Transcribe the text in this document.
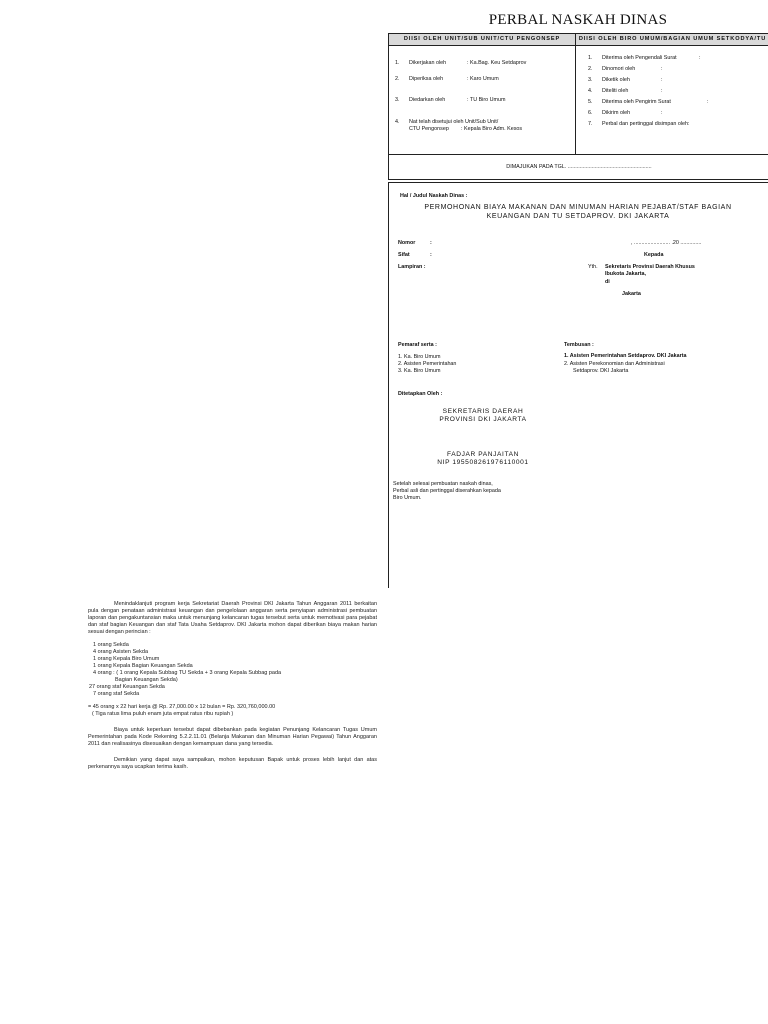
PERBAL NASKAH DINAS
DIISI OLEH UNIT/SUB UNIT/CTU PENGONSEP	DIISI OLEH BIRO UMUM/BAGIAN UMUM SETKODYA/TU
1. Dikerjakan oleh	: Ka.Bag. Keu Setdaprov
2. Diperiksa oleh	: Karo Umum
3. Diedarkan oleh	: TU Biro Umum
4. Nat telah disetujui oleh Unit/Sub Unit/
CTU Pengonsep : Kepala Biro Adm. Kesos
1. Diterima oleh Pengendali Surat	:
2. Dinomori oleh	:
3. Diketik oleh	:
4. Diteliti oleh	:
5. Diterima oleh Pengirim Surat	:
6. Dikirim oleh	:
7. Perbal dan pertinggal disimpan oleh:
DIMAJUKAN PADA TGL. ........................................................
Hal / Judul Naskah Dinas :
PERMOHONAN BIAYA MAKANAN DAN MINUMAN HARIAN PEJABAT/STAF BAGIAN
KEUANGAN DAN TU SETDAPROV. DKI JAKARTA
Nomor	:
Sifat	:
Lampiran :
, ........................ .20 ..............
Kepada
Yth. Sekretaris Provinsi Daerah Khusus
Ibukota Jakarta,
di
Jakarta
Pemaraf serta :
1. Ka. Biro Umum
2. Asisten Pemerintahan
3. Ka. Biro Umum
Tembusan :
1. Asisten Pemerintahan Setdaprov. DKI Jakarta
2. Asisten Perekonomian dan Administrasi
Setdaprov. DKI Jakarta
Ditetapkan Oleh :
SEKRETARIS DAERAH
PROVINSI DKI JAKARTA
FADJAR PANJAITAN
NIP 195508261976110001
Setelah selesai pembuatan naskah dinas,
Perbal asli dan pertinggal diserahkan kepada
Biro Umum.

Menindaklanjuti program kerja Sekretariat Daerah Provinsi DKI Jakarta Tahun Anggaran 2011 berkaitan pula dengan penataan administrasi keuangan dan pengelolaan anggaran serta penyiapan administrasi pembuatan laporan dan pengakuntansian maka untuk menunjang kelancaran tugas tersebut serta untuk memotivasi para pejabat dan staf bagian Keuangan dan staf Tata Usaha Setdaprov. DKI Jakarta mohon dapat diberikan biaya makan harian sesuai dengan perincian :

1 orang Sekda
4 orang Asisten Sekda
1 orang Kepala Biro Umum
1 orang Kepala Bagian Keuangan Sekda
4 orang : ( 1 orang Kepala Subbag TU Sekda + 3 orang Kepala Subbag pada
Bagian Keuangan Sekda)
27 orang staf Keuangan Sekda
7 orang staf Sekda
= 45 orang x 22 hari kerja @ Rp. 27,000.00 x 12 bulan = Rp. 320,760,000.00
( Tiga ratus lima puluh enam juta empat ratus ribu rupiah )

Biaya untuk keperluan tersebut dapat dibebankan pada kegiatan Penunjang Kelancaran Tugas Umum Pemerintahan pada Kode Rekening 5.2.2.11.01 (Belanja Makanan dan Minuman Harian Pegawai) Tahun Anggaran 2011 dan realisasinya disesuaikan dengan kemampuan dana yang tersedia.

Demikian yang dapat saya sampaikan, mohon keputusan Bapak untuk proses lebih lanjut dan atas perkenannya saya ucapkan terima kasih.
